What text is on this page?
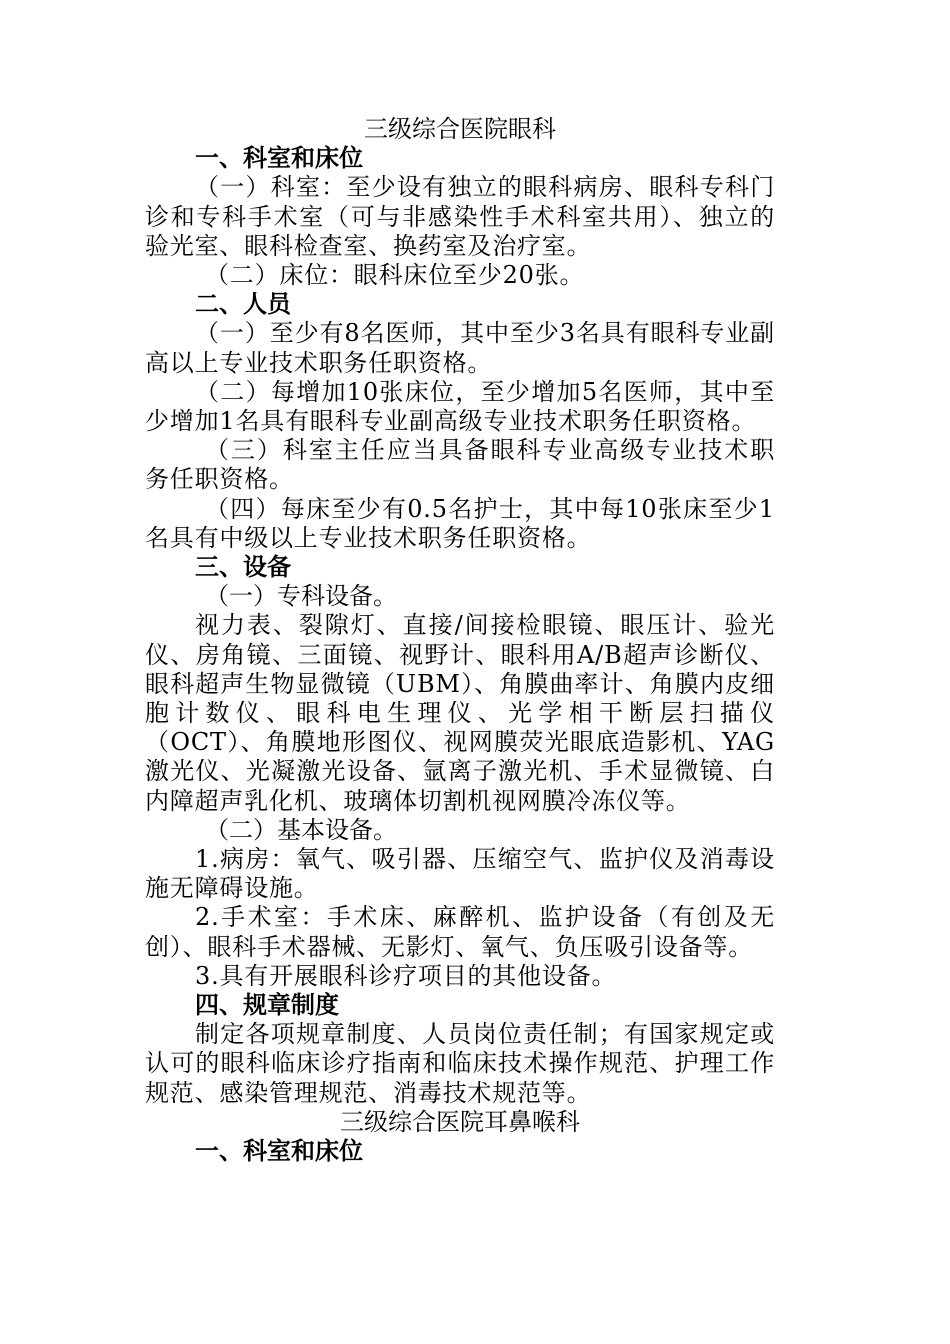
三级综合医院眼科

一、科室和床位

（一）科室：至少设有独立的眼科病房、眼科专科门诊和专科手术室（可与非感染性手术科室共用）、独立的验光室、眼科检查室、换药室及治疗室。

（二）床位：眼科床位至少20张。

二、人员

（一）至少有8名医师，其中至少3名具有眼科专业副高以上专业技术职务任职资格。

（二）每增加10张床位，至少增加5名医师，其中至少增加1名具有眼科专业副高级专业技术职务任职资格。

（三）科室主任应当具备眼科专业高级专业技术职务任职资格。

（四）每床至少有0.5名护士，其中每10张床至少1名具有中级以上专业技术职务任职资格。

三、设备

（一）专科设备。

视力表、裂隙灯、直接/间接检眼镜、眼压计、验光仪、房角镜、三面镜、视野计、眼科用A/B超声诊断仪、眼科超声生物显微镜（UBM）、角膜曲率计、角膜内皮细胞计数仪、眼科电生理仪、光学相干断层扫描仪（OCT）、角膜地形图仪、视网膜荧光眼底造影机、YAG激光仪、光凝激光设备、氩离子激光机、手术显微镜、白内障超声乳化机、玻璃体切割机视网膜冷冻仪等。

（二）基本设备。

1.病房：氧气、吸引器、压缩空气、监护仪及消毒设施无障碍设施。

2.手术室：手术床、麻醉机、监护设备（有创及无创）、眼科手术器械、无影灯、氧气、负压吸引设备等。

3.具有开展眼科诊疗项目的其他设备。

四、规章制度

制定各项规章制度、人员岗位责任制；有国家规定或认可的眼科临床诊疗指南和临床技术操作规范、护理工作规范、感染管理规范、消毒技术规范等。

三级综合医院耳鼻喉科

一、科室和床位
